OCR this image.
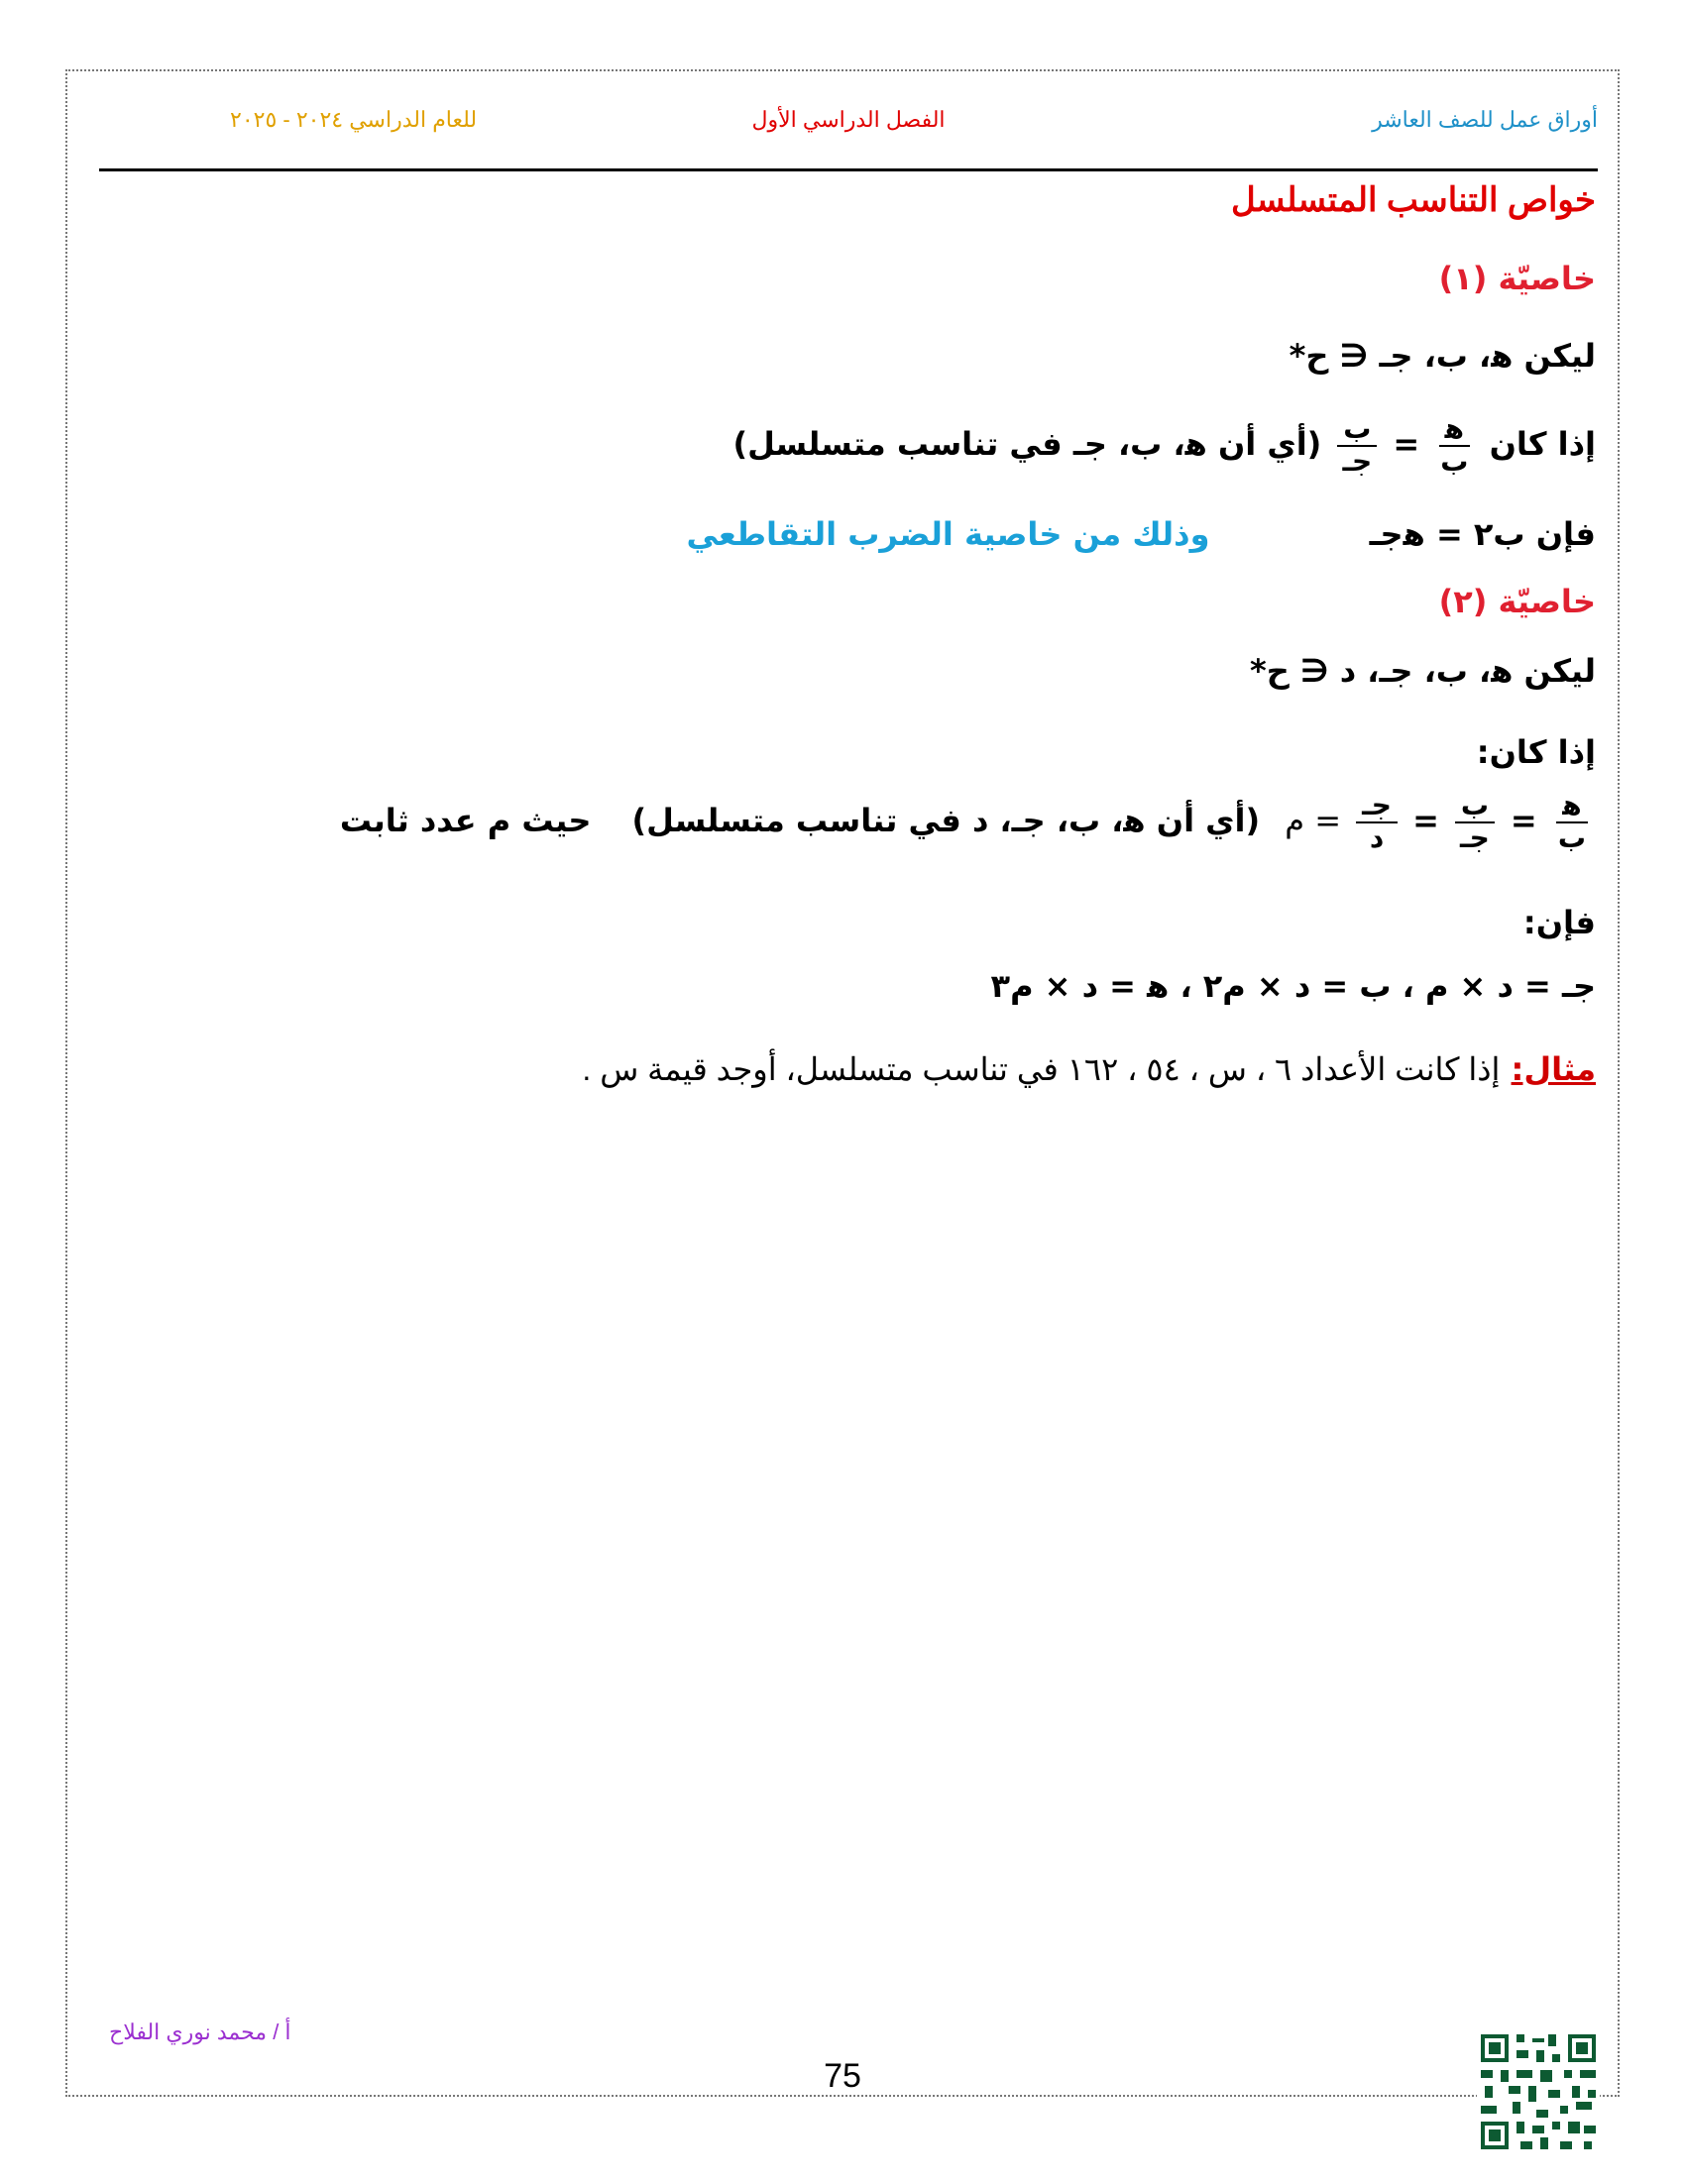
أوراق عمل للصف العاشر
الفصل الدراسي الأول
للعام الدراسي ٢٠٢٤ - ٢٠٢٥
خواص التناسب المتسلسل
خاصيّة (١)
ليكن ﻫ، ب، جـ ∈ ح*
إذا كان
$\frac{\text{ﻫ}}{\text{ب}}$
=
$\frac{\text{ب}}{\text{جـ}}$
(أي أن ﻫ، ب، جـ في تناسب متسلسل)
فإن ب٢ = ﻫجـ وذلك من خاصية الضرب التقاطعي
خاصيّة (٢)
ليكن ﻫ، ب، جـ، د ∈ ح*
إذا كان:
$\frac{\text{ﻫ}}{\text{ب}}$
=
$\frac{\text{ب}}{\text{جـ}}$
=
$\frac{\text{جـ}}{\text{د}}$
= م (أي أن ﻫ، ب، جـ، د في تناسب متسلسل) حيث م عدد ثابت
فإن:
جـ = د × م ، ب = د × م٢ ، ﻫ = د × م٣
مثال: إذا كانت الأعداد ٦ ، س ، ٥٤ ، ١٦٢ في تناسب متسلسل، أوجد قيمة س .
أ / محمد نوري الفلاح
75
